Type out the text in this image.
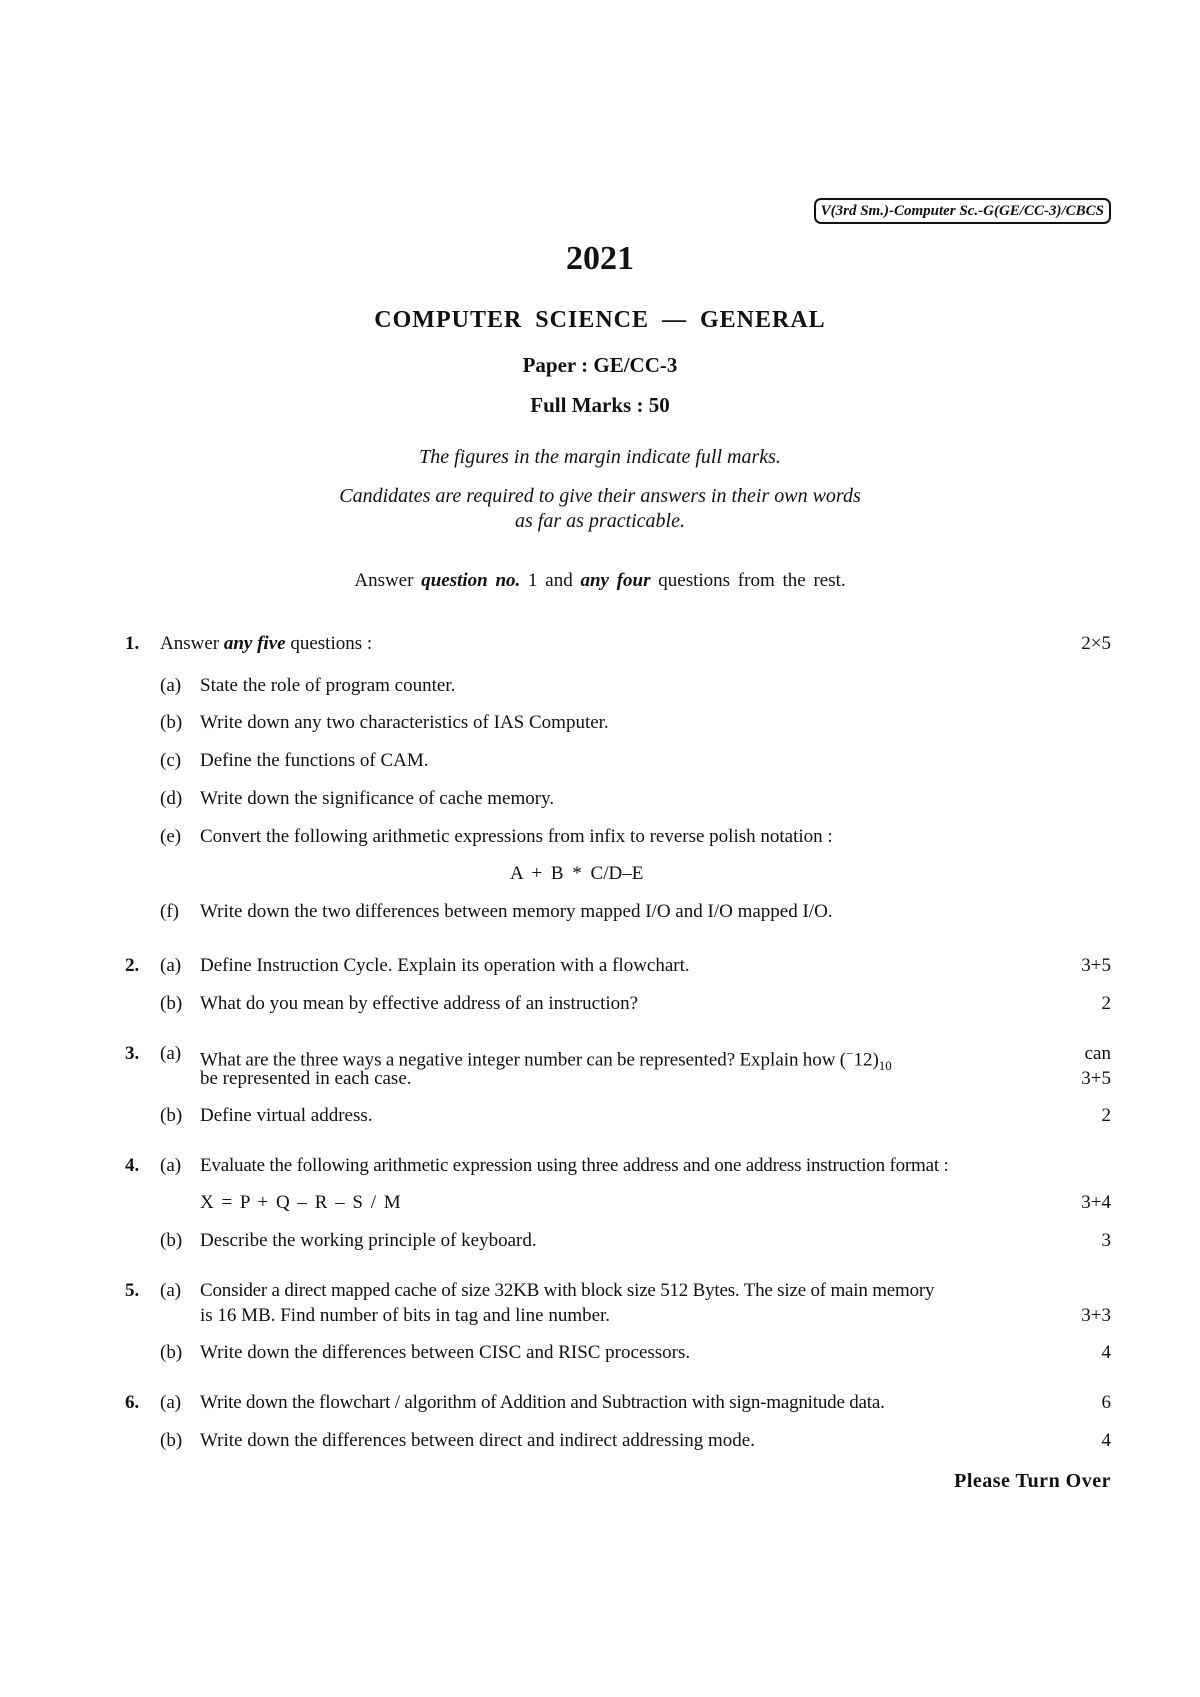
V(3rd Sm.)-Computer Sc.-G(GE/CC-3)/CBCS
2021
COMPUTER SCIENCE — GENERAL
Paper : GE/CC-3
Full Marks : 50
The figures in the margin indicate full marks.
Candidates are required to give their answers in their own words
as far as practicable.
Answer question no. 1 and any four questions from the rest.
1. Answer any five questions :	2×5
(a) State the role of program counter.
(b) Write down any two characteristics of IAS Computer.
(c) Define the functions of CAM.
(d) Write down the significance of cache memory.
(e) Convert the following arithmetic expressions from infix to reverse polish notation :
A + B * C/D–E
(f) Write down the two differences between memory mapped I/O and I/O mapped I/O.
2. (a) Define Instruction Cycle. Explain its operation with a flowchart.	3+5
(b) What do you mean by effective address of an instruction?	2
3. (a) What are the three ways a negative integer number can be represented? Explain how $(^-12)_{10}$
can
be represented in each case.	3+5
(b) Define virtual address.	2
4. (a) Evaluate the following arithmetic expression using three address and one address instruction format :
X = P + Q – R – S / M	3+4
(b) Describe the working principle of keyboard.	3
5. (a) Consider a direct mapped cache of size 32KB with block size 512 Bytes. The size of main memory
is 16 MB. Find number of bits in tag and line number.	3+3
(b) Write down the differences between CISC and RISC processors.	4
6. (a) Write down the flowchart / algorithm of Addition and Subtraction with sign-magnitude data.	6
(b) Write down the differences between direct and indirect addressing mode.	4
Please Turn Over
